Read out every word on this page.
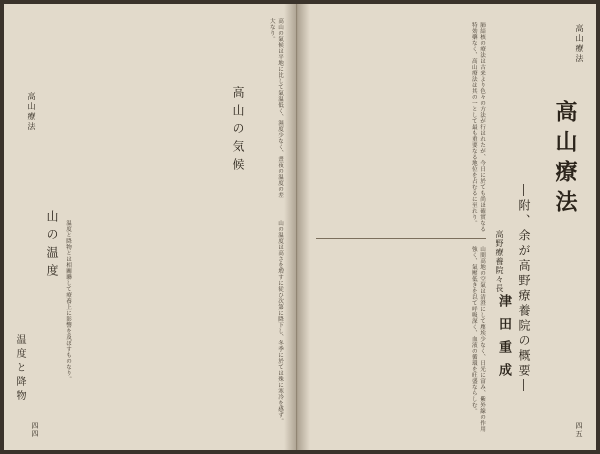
高山療法	高山の気候	高山の氣候は平地に比して氣温低く、濕度少なく、晝夜の温度の差大なり。
山の温度	山の温度は高さを増すに従ひ次第に降下し、冬季に於ては殊に寒冷を感ず。
温度と降物	温度と降物とは相關聯して療養上に影響を及ぼすものなり。
四四
肺結核の療法は古来より色々の方法が行はれたが、今日に於ても尚ほ確實なる特効藥なく、高山療法は其の一として最も重要なる地位を占むるに至れり。	高山療法
―附、余が高野療養院の概要―
高野療養院々長
津田重成
高山療法
山間高地の空氣は清澄にして塵埃少なく、日光に富み、紫外線の作用強く、氣壓低きを以て呼吸深く、血液の循環を旺盛ならしむ。
四五
